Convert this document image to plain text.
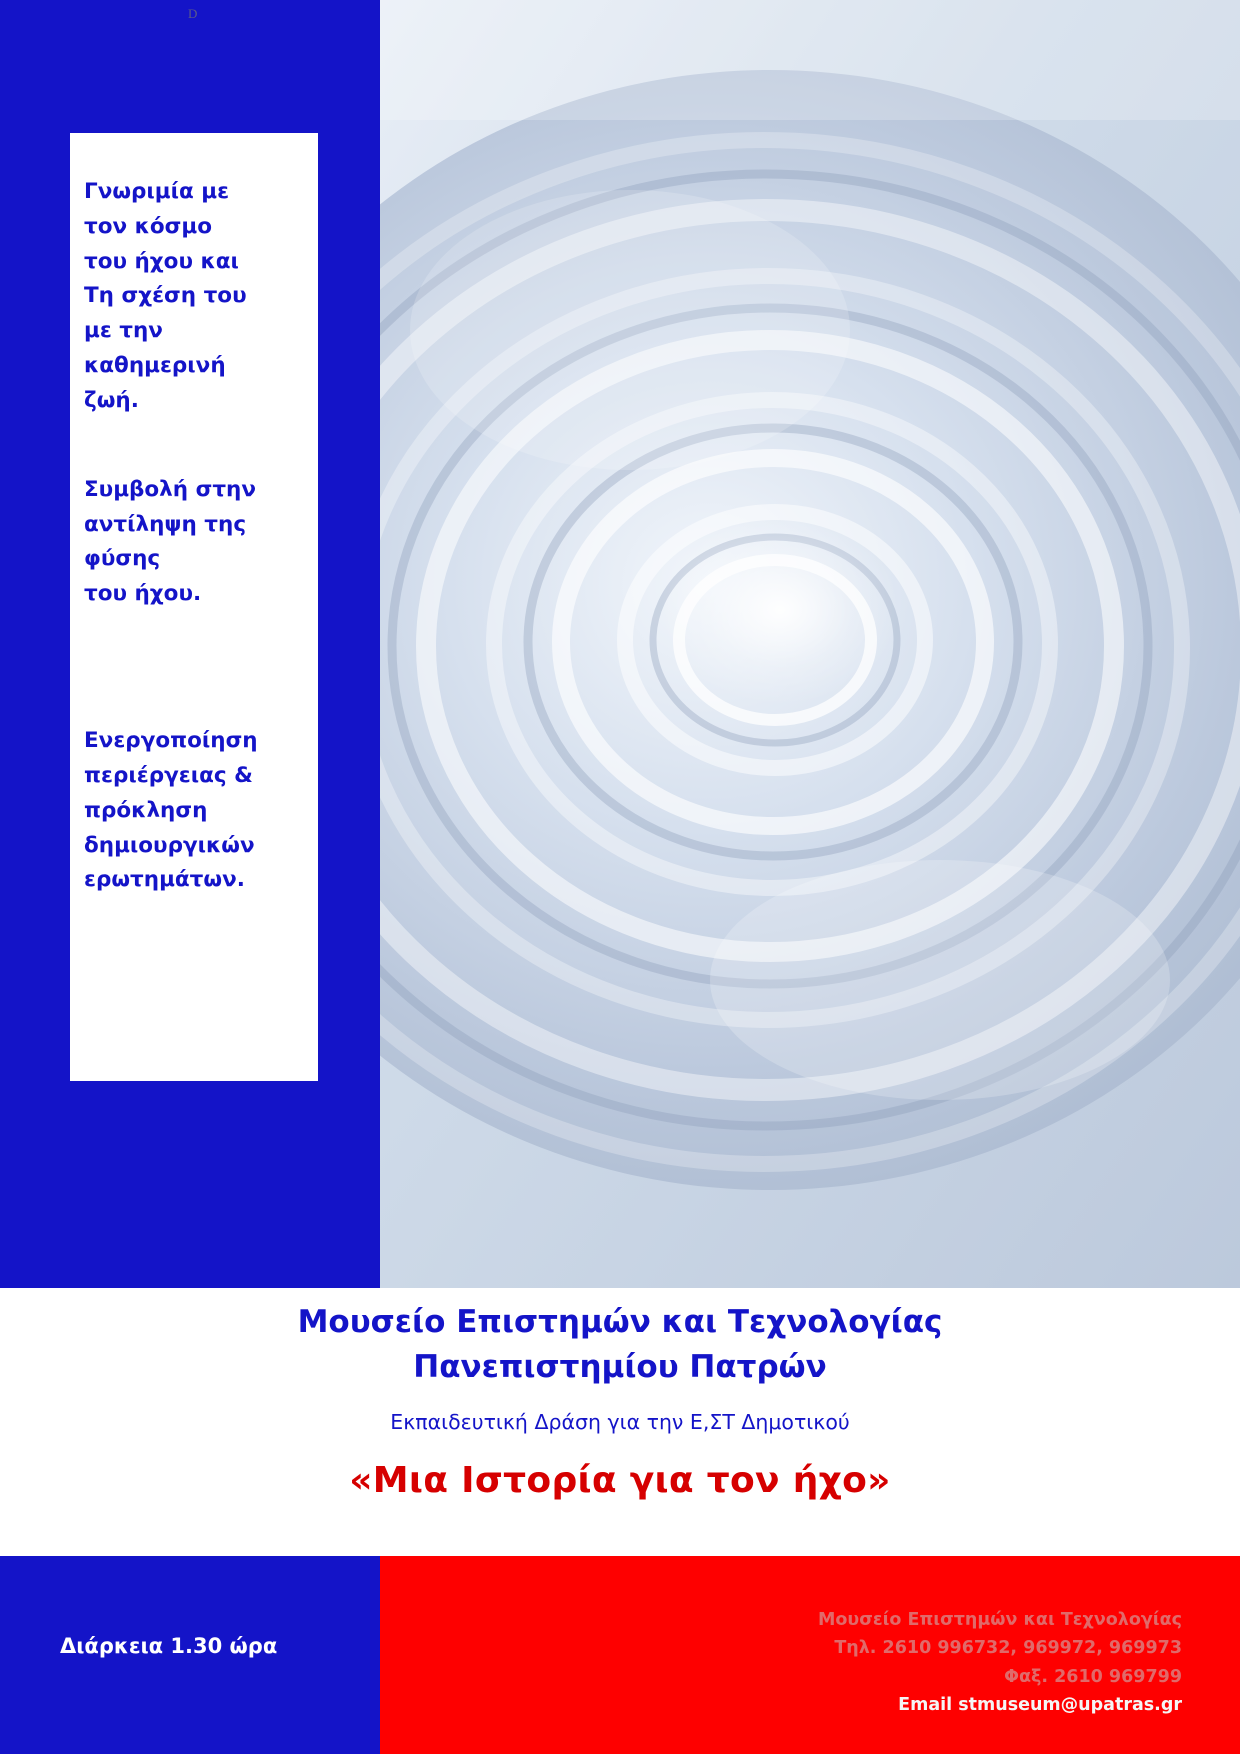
D

Γνωριμία με
τον κόσμο
του ήχου και
Τη σχέση του
με την
καθημερινή
ζωή.

Συμβολή στην
αντίληψη της
φύσης
του ήχου.

Ενεργοποίηση
περιέργειας &
πρόκληση
δημιουργικών
ερωτημάτων.

Μουσείο Επιστημών και Τεχνολογίας
Πανεπιστημίου Πατρών
Εκπαιδευτική Δράση για την Ε,ΣΤ Δημοτικού
«Μια Ιστορία για τον ήχο»
Διάρκεια 1.30 ώρα
Μουσείο Επιστημών και Τεχνολογίας
Τηλ. 2610 996732, 969972, 969973
Φαξ. 2610 969799
Email stmuseum@upatras.gr
